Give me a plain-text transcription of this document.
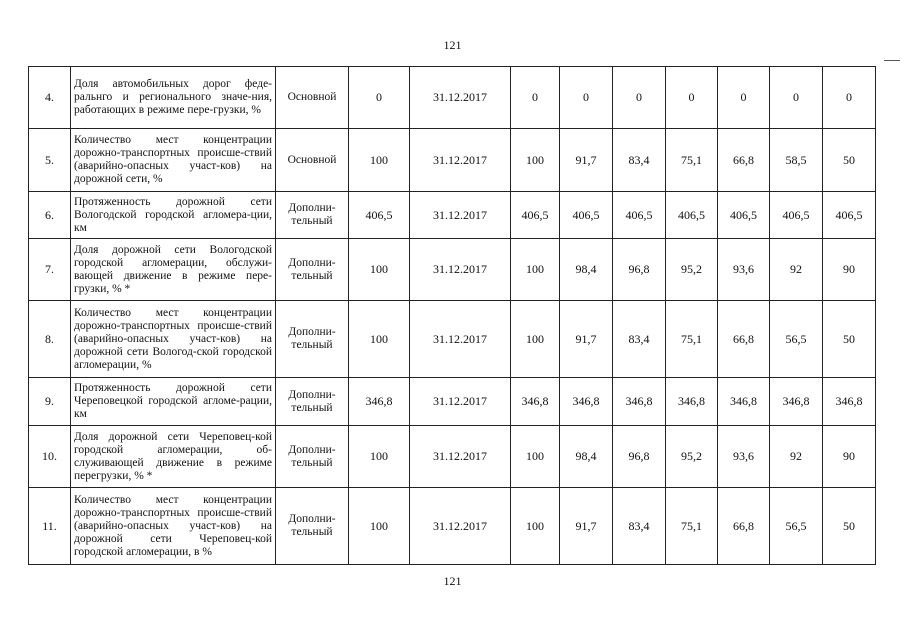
121
4.	Доля автомобильных дорог феде-ральнго и регионального значе-ния, работающих в режиме пере-грузки, %	Основной	0	31.12.2017	0	0	0	0	0	0	0
5.	Количество мест концентрации дорожно-транспортных происше-ствий (аварийно-опасных участ-ков) на дорожной сети, %	Основной	100	31.12.2017	100	91,7	83,4	75,1	66,8	58,5	50
6.	Протяженность дорожной сети Вологодской городской агломера-ции, км	Дополни-тельный	406,5	31.12.2017	406,5	406,5	406,5	406,5	406,5	406,5	406,5
7.	Доля дорожной сети Вологодской городской агломерации, обслужи-вающей движение в режиме пере-грузки, % *	Дополни-тельный	100	31.12.2017	100	98,4	96,8	95,2	93,6	92	90
8.	Количество мест концентрации дорожно-транспортных происше-ствий (аварийно-опасных участ-ков) на дорожной сети Вологод-ской городской агломерации, %	Дополни-тельный	100	31.12.2017	100	91,7	83,4	75,1	66,8	56,5	50
9.	Протяженность дорожной сети Череповецкой городской агломе-рации, км	Дополни-тельный	346,8	31.12.2017	346,8	346,8	346,8	346,8	346,8	346,8	346,8
10.	Доля дорожной сети Череповец-кой городской агломерации, об-служивающей движение в режиме перегрузки, % *	Дополни-тельный	100	31.12.2017	100	98,4	96,8	95,2	93,6	92	90
11.	Количество мест концентрации дорожно-транспортных происше-ствий (аварийно-опасных участ-ков) на дорожной сети Череповец-кой городской агломерации, в %	Дополни-тельный	100	31.12.2017	100	91,7	83,4	75,1	66,8	56,5	50
121
